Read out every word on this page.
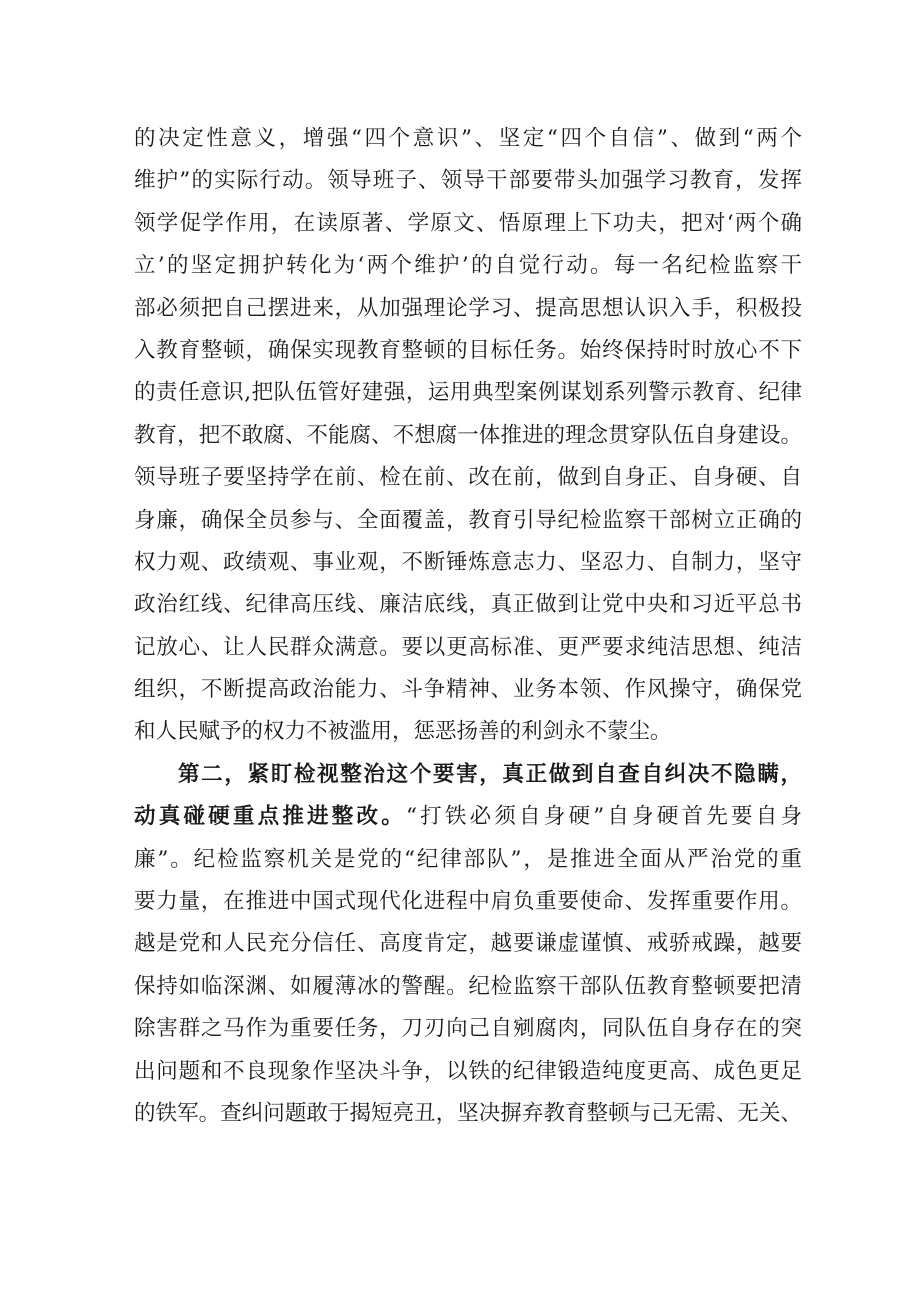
的决定性意义，增强“四个意识”、坚定“四个自信”、做到“两个
维护”的实际行动。领导班子、领导干部要带头加强学习教育，发挥
领学促学作用，在读原著、学原文、悟原理上下功夫，把对‘两个确
立’的坚定拥护转化为‘两个维护’的自觉行动。每一名纪检监察干
部必须把自己摆进来，从加强理论学习、提高思想认识入手，积极投
入教育整顿，确保实现教育整顿的目标任务。始终保持时时放心不下
的责任意识,把队伍管好建强，运用典型案例谋划系列警示教育、纪律
教育，把不敢腐、不能腐、不想腐一体推进的理念贯穿队伍自身建设。
领导班子要坚持学在前、检在前、改在前，做到自身正、自身硬、自
身廉，确保全员参与、全面覆盖，教育引导纪检监察干部树立正确的
权力观、政绩观、事业观，不断锤炼意志力、坚忍力、自制力，坚守
政治红线、纪律高压线、廉洁底线，真正做到让党中央和习近平总书
记放心、让人民群众满意。要以更高标准、更严要求纯洁思想、纯洁
组织，不断提高政治能力、斗争精神、业务本领、作风操守，确保党
和人民赋予的权力不被滥用，惩恶扬善的利剑永不蒙尘。
第二，紧盯检视整治这个要害，真正做到自查自纠决不隐瞒，
动真碰硬重点推进整改。“打铁必须自身硬”自身硬首先要自身
廉”。纪检监察机关是党的“纪律部队”，是推进全面从严治党的重
要力量，在推进中国式现代化进程中肩负重要使命、发挥重要作用。
越是党和人民充分信任、高度肯定，越要谦虚谨慎、戒骄戒躁，越要
保持如临深渊、如履薄冰的警醒。纪检监察干部队伍教育整顿要把清
除害群之马作为重要任务，刀刃向己自剜腐肉，同队伍自身存在的突
出问题和不良现象作坚决斗争，以铁的纪律锻造纯度更高、成色更足
的铁军。查纠问题敢于揭短亮丑，坚决摒弃教育整顿与己无需、无关、
